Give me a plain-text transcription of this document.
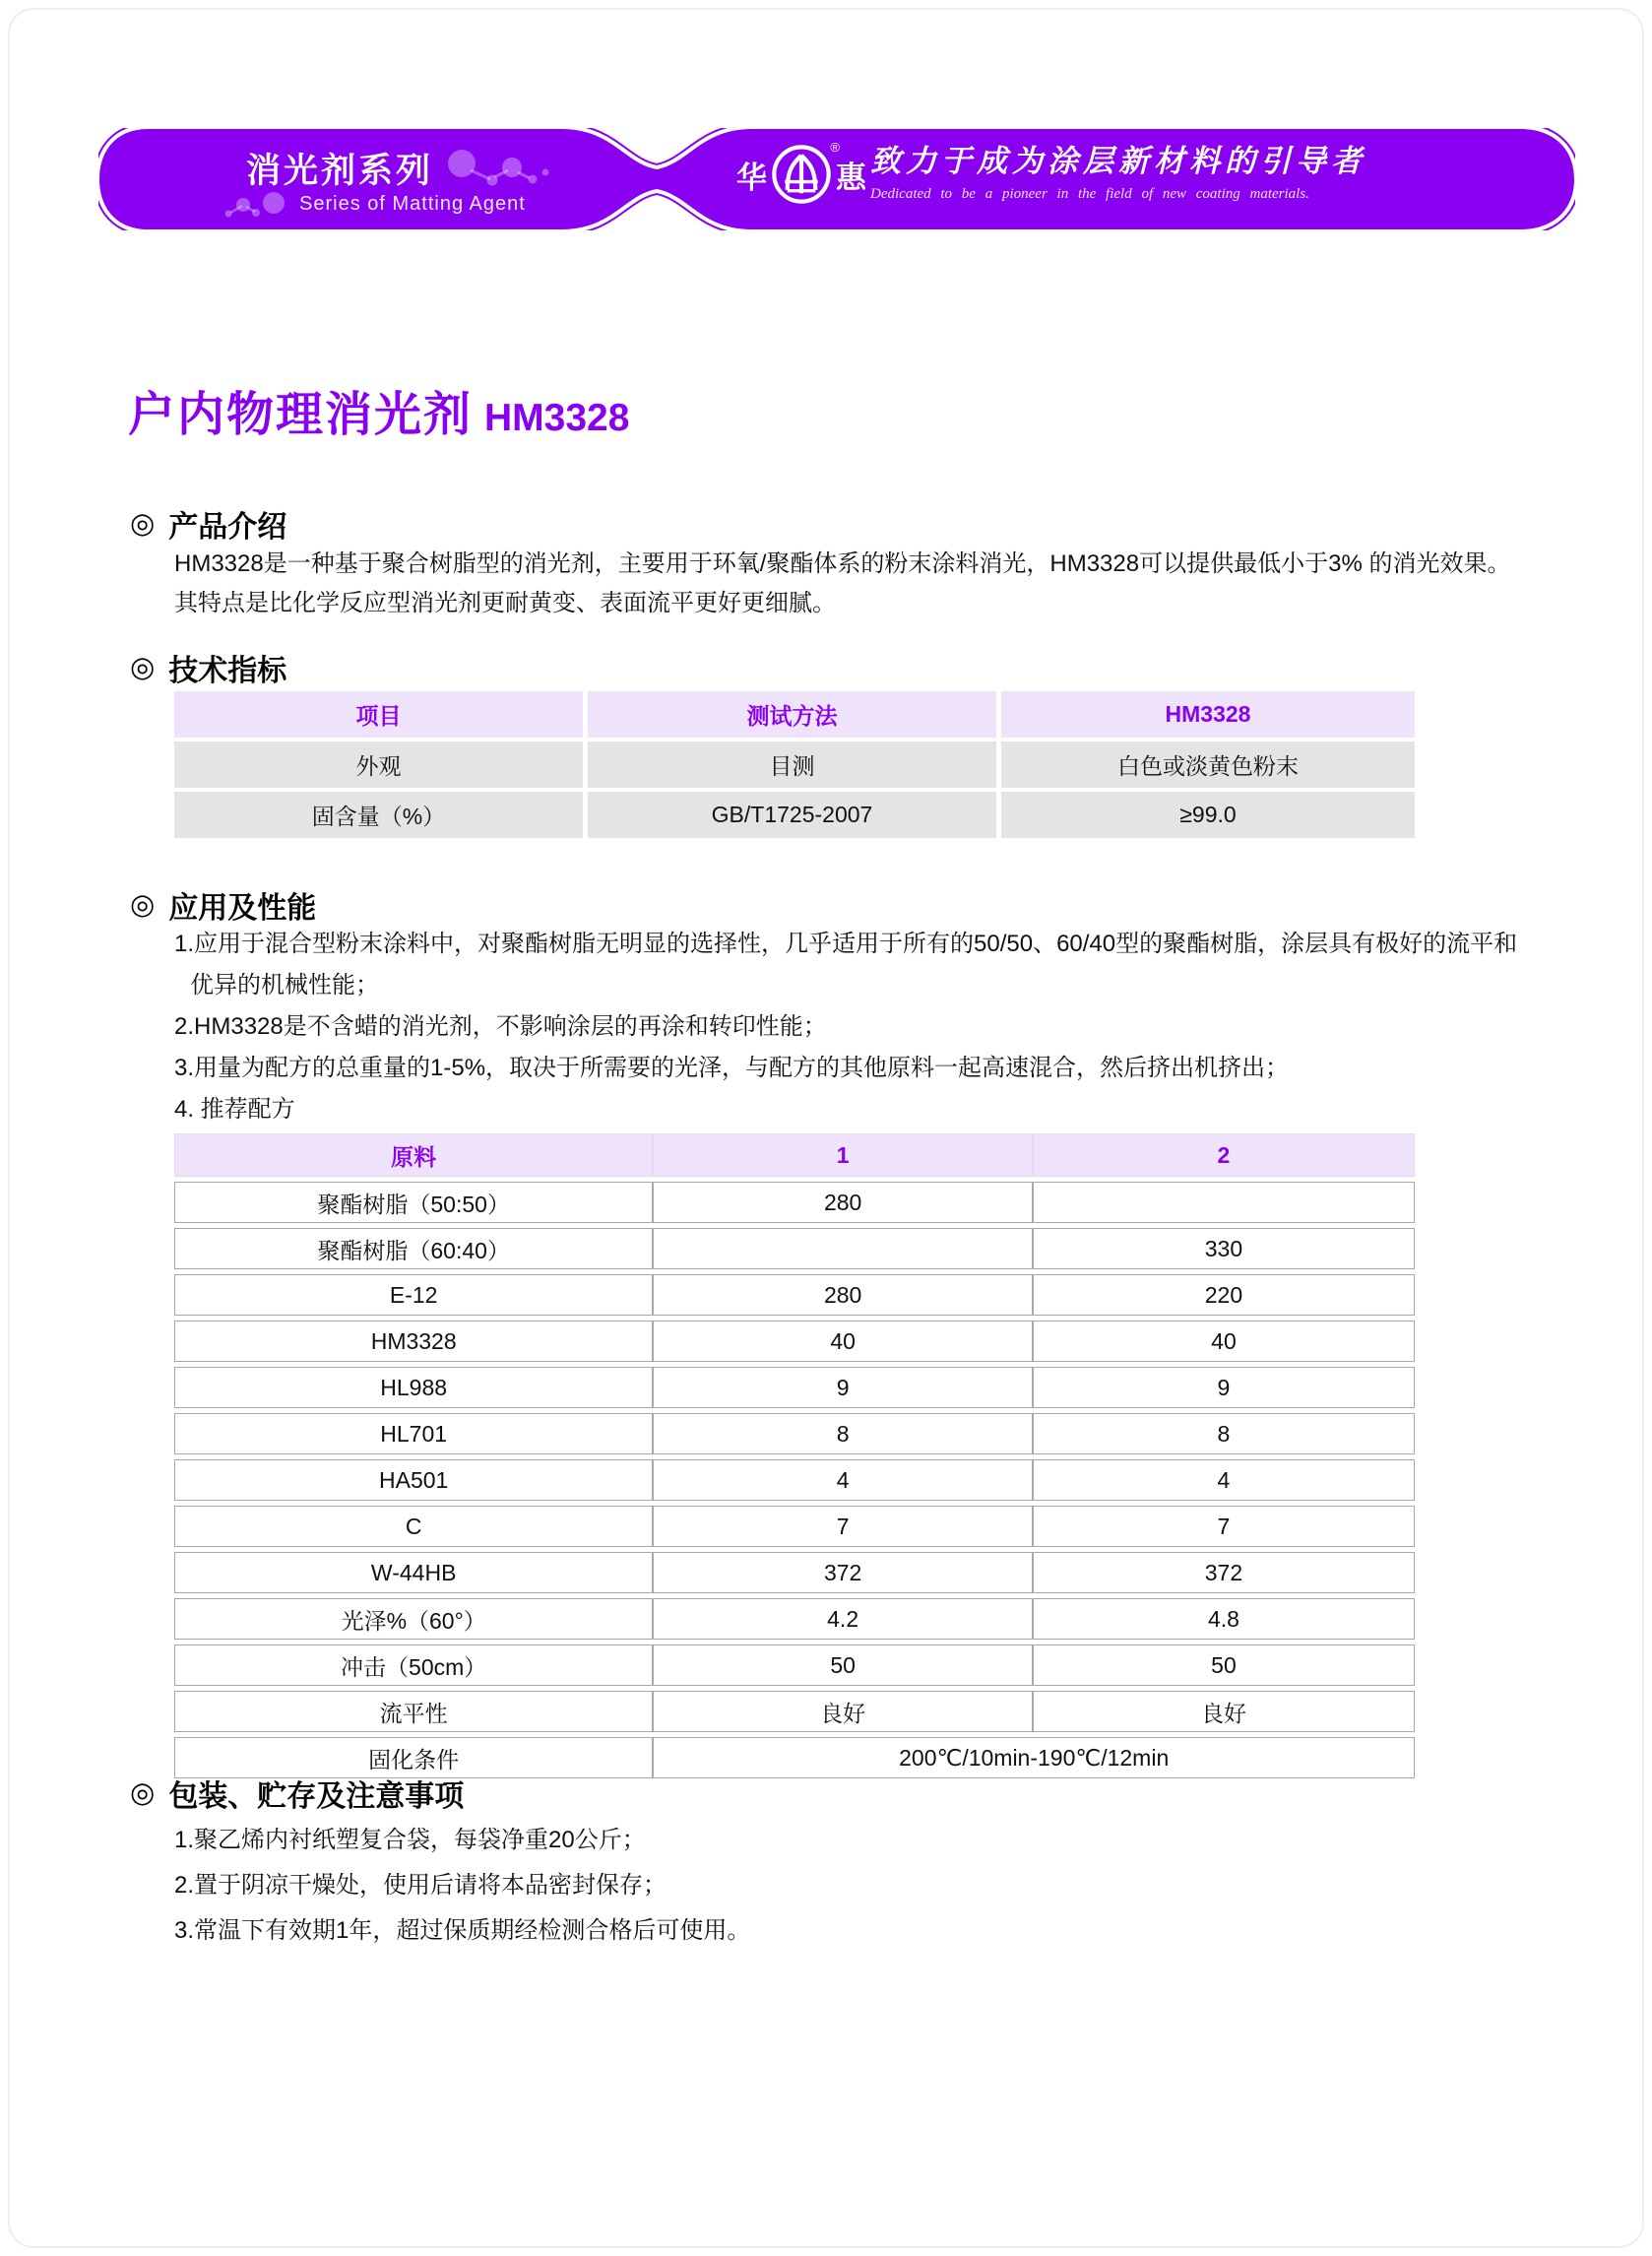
消光剂系列
Series of Matting Agent
华
®
惠 致力于成为涂层新材料的引导者
Dedicated to be a pioneer in the field of new coating materials.
户内物理消光剂 HM3328
◎ 产品介绍
HM3328是一种基于聚合树脂型的消光剂，主要用于环氧/聚酯体系的粉末涂料消光，HM3328可以提供最低小于3% 的消光效果。
其特点是比化学反应型消光剂更耐黄变、表面流平更好更细腻。
◎ 技术指标
项目	测试方法	HM3328
外观	目测	白色或淡黄色粉末
固含量（%）	GB/T1725-2007	≥99.0
◎ 应用及性能
1.应用于混合型粉末涂料中，对聚酯树脂无明显的选择性，几乎适用于所有的50/50、60/40型的聚酯树脂，涂层具有极好的流平和
优异的机械性能；
2.HM3328是不含蜡的消光剂，不影响涂层的再涂和转印性能；
3.用量为配方的总重量的1-5%，取决于所需要的光泽，与配方的其他原料一起高速混合，然后挤出机挤出；
4. 推荐配方
原料	1	2
聚酯树脂（50:50）	280	
聚酯树脂（60:40）		330
E-12	280	220
HM3328	40	40
HL988	9	9
HL701	8	8
HA501	4	4
C	7	7
W-44HB	372	372
光泽%（60°）	4.2	4.8
冲击（50cm）	50	50
流平性	良好	良好
固化条件	200℃/10min-190℃/12min	
◎ 包装、贮存及注意事项
1.聚乙烯内衬纸塑复合袋，每袋净重20公斤；
2.置于阴凉干燥处，使用后请将本品密封保存；
3.常温下有效期1年，超过保质期经检测合格后可使用。
